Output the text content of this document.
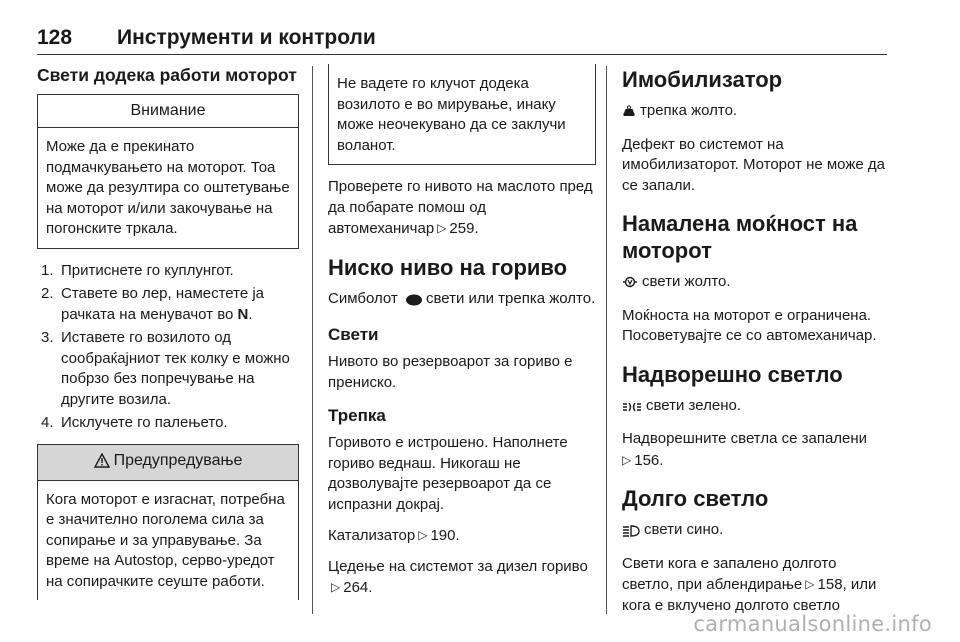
128 Инструменти и контроли
Свети додека работи моторот
Внимание
Може да е прекинато подмачкувањето на моторот. Тоа може да резултира со оштетување на моторот и/или закочување на погонските тркала.
1. Притиснете го куплунгот.
2. Ставете во лер, наместете ја рачката на менувачот во N.
3. Иставете го возилото од сообраќајниот тек колку е можно побрзо без попречување на другите возила.
4. Исклучете го палењето.
Предупредување
Кога моторот е изгаснат, потребна е значително поголема сила за сопирање и за управување. За време на Autostop, серво-уредот на сопирачките сеуште работи.
Не вадете го клучот додека возилото е во мирување, инаку може неочекувано да се заклучи воланот.

Проверете го нивото на маслото пред да побарате помош од автомеханичар ▷ 259.

Ниско ниво на гориво

Симболот свети или трепка жолто.

Свети

Нивото во резервоарот за гориво е прениско.

Трепка

Горивото е истрошено. Наполнете гориво веднаш. Никогаш не дозволувајте резервоарот да се испразни докрај.

Катализатор ▷ 190.

Цедење на системот за дизел гориво▷ 264.

Имобилизатор

трепка жолто.

Дефект во системот на имобилизаторот. Моторот не може да се запали.

Намалена моќност на моторот

свети жолто.

Моќноста на моторот е ограничена. Посоветувајте се со автомеханичар.

Надворешно светло

свети зелено.

Надворешните светла се запалени
▷ 156.

Долго светло

свети сино.

Свети кога е запалено долгото светло, при аблендирање ▷ 158, или кога е вклучено долгото светло

carmanualsonline.info
